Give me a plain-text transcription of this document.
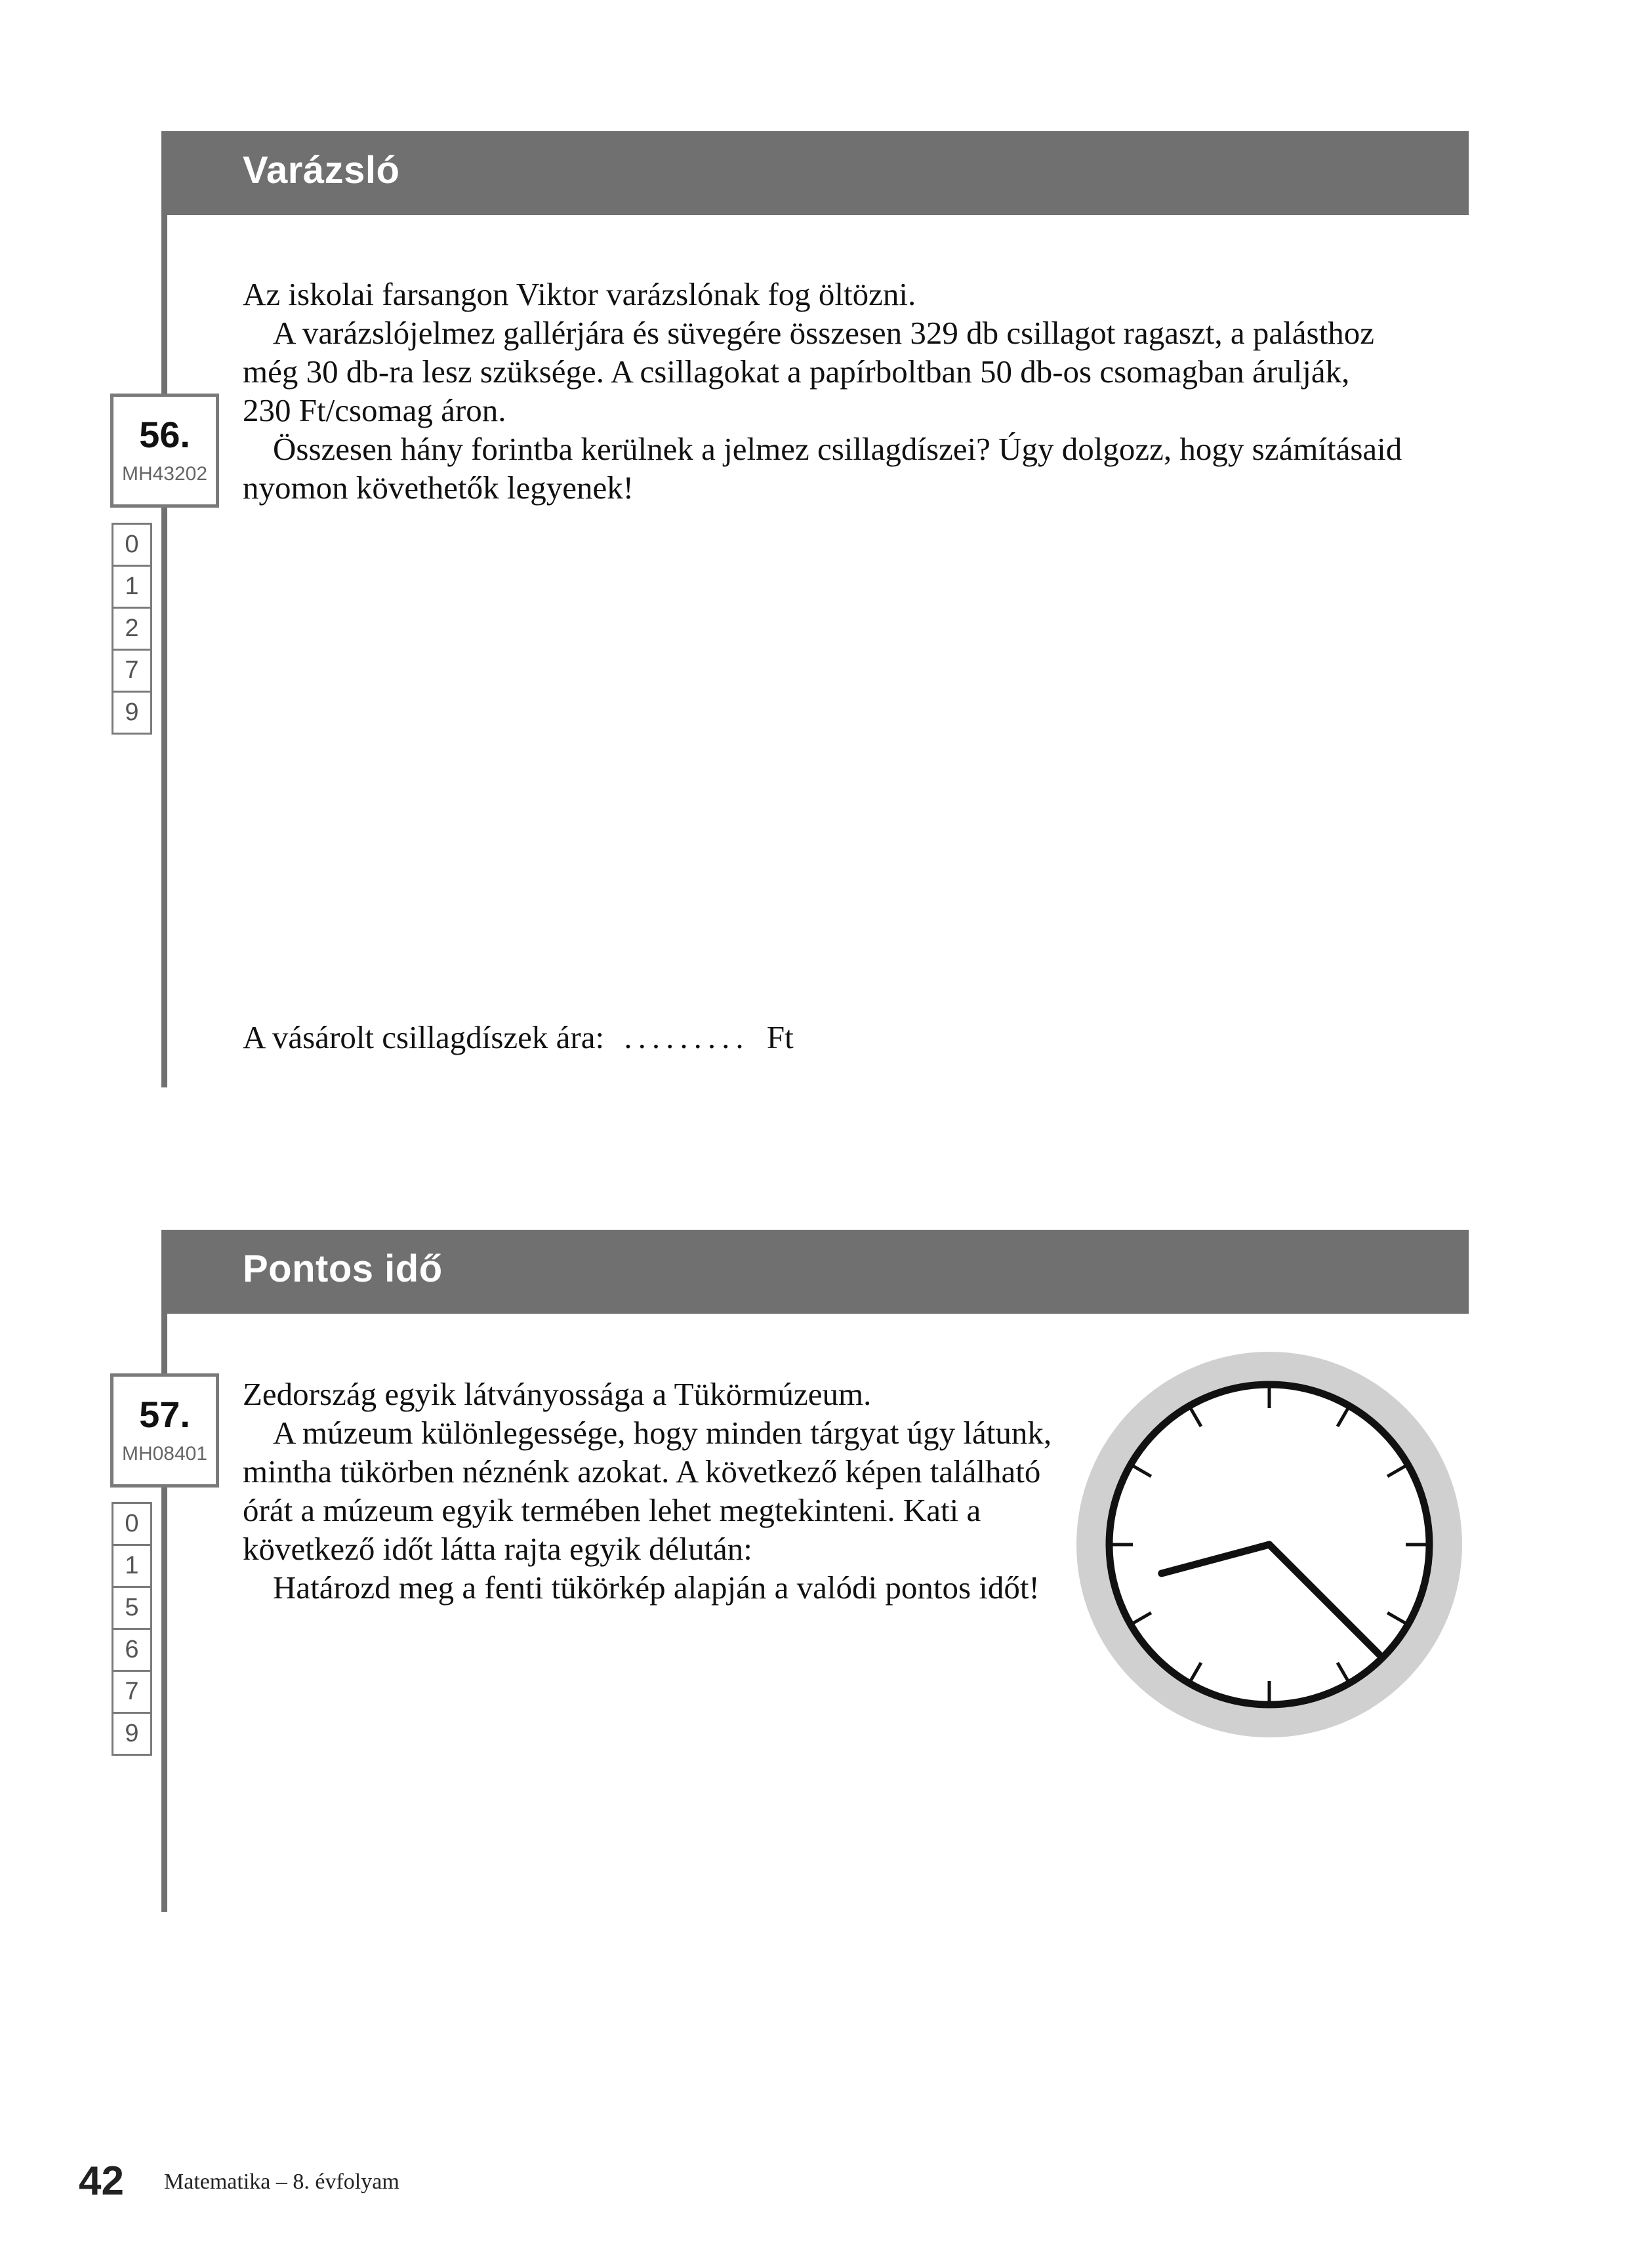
Varázsló
56.
MH43202
0
1
2
7
9
Az iskolai farsangon Viktor varázslónak fog öltözni.
A varázslójelmez gallérjára és süvegére összesen 329 db csillagot ragaszt, a palásthoz
még 30 db-ra lesz szüksége. A csillagokat a papírboltban 50 db-os csomagban árulják,
230 Ft/csomag áron.
Összesen hány forintba kerülnek a jelmez csillagdíszei? Úgy dolgozz, hogy számításaid
nyomon követhetők legyenek!
A vásárolt csillagdíszek ára: ......... Ft
Pontos idő
57.
MH08401
0
1
5
6
7
9
Zedország egyik látványossága a Tükörmúzeum.
A múzeum különlegessége, hogy minden tárgyat úgy látunk,
mintha tükörben néznénk azokat. A következő képen található
órát a múzeum egyik termében lehet megtekinteni. Kati a
következő időt látta rajta egyik délután:
Határozd meg a fenti tükörkép alapján a valódi pontos időt!
42 Matematika – 8. évfolyam
